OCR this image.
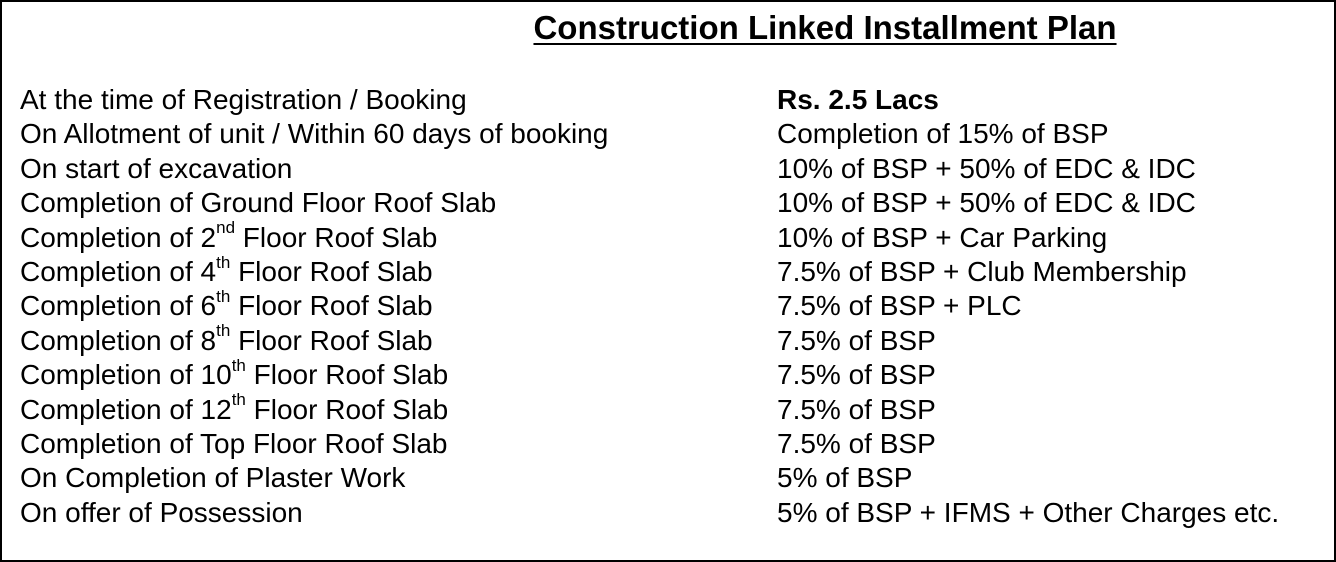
Construction Linked Installment Plan
At the time of Registration / Booking	Rs. 2.5 Lacs
On Allotment of unit / Within 60 days of booking	Completion of 15% of BSP
On start of excavation	10% of BSP + 50% of EDC & IDC
Completion of Ground Floor Roof Slab	10% of BSP + 50% of EDC & IDC
Completion of 2nd Floor Roof Slab	10% of BSP + Car Parking
Completion of 4th Floor Roof Slab	7.5% of BSP + Club Membership
Completion of 6th Floor Roof Slab	7.5% of BSP + PLC
Completion of 8th Floor Roof Slab	7.5% of BSP
Completion of 10th Floor Roof Slab	7.5% of BSP
Completion of 12th Floor Roof Slab	7.5% of BSP
Completion of Top Floor Roof Slab	7.5% of BSP
On Completion of Plaster Work	5% of BSP
On offer of Possession	5% of BSP + IFMS + Other Charges etc.
